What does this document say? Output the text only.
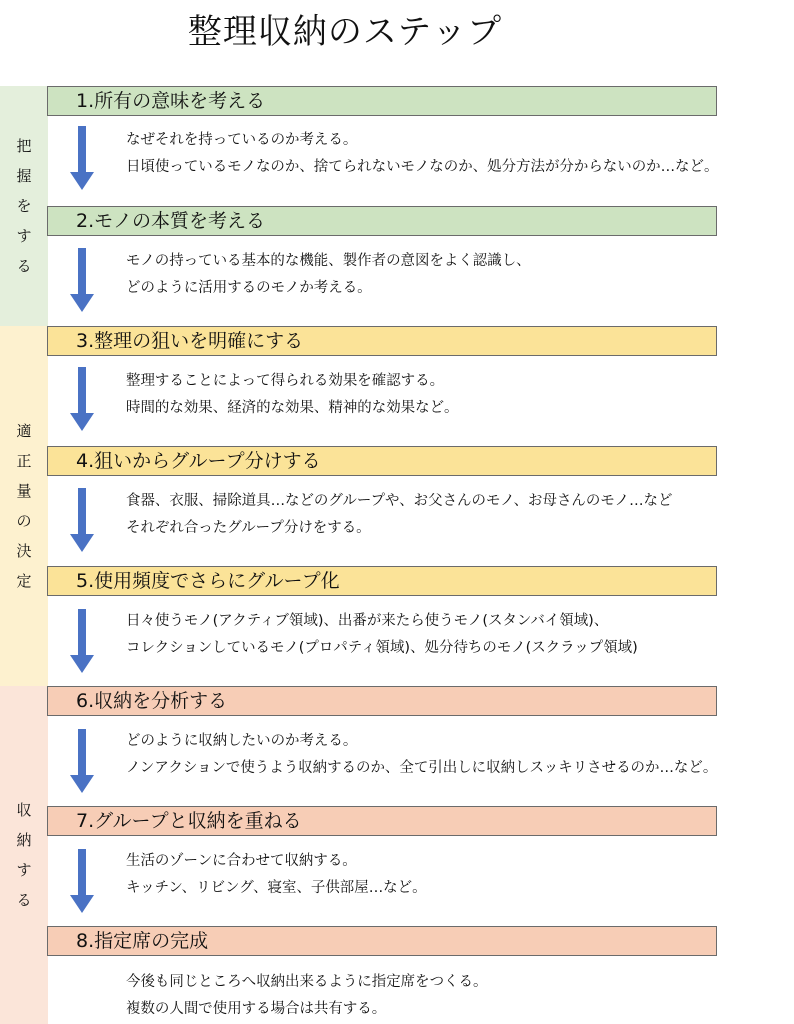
整理収納のステップ
把
握
を
す
る
適
正
量
の
決
定
収
納
す
る
1.所有の意味を考える
なぜそれを持っているのか考える。
日頃使っているモノなのか、捨てられないモノなのか、処分方法が分からないのか…など。
2.モノの本質を考える
モノの持っている基本的な機能、製作者の意図をよく認識し、
どのように活用するのモノか考える。
3.整理の狙いを明確にする
整理することによって得られる効果を確認する。
時間的な効果、経済的な効果、精神的な効果など。
4.狙いからグループ分けする
食器、衣服、掃除道具…などのグループや、お父さんのモノ、お母さんのモノ…など
それぞれ合ったグループ分けをする。
5.使用頻度でさらにグループ化
日々使うモノ(アクティブ領域)、出番が来たら使うモノ(スタンバイ領域)、
コレクションしているモノ(プロパティ領域)、処分待ちのモノ(スクラップ領域)
6.収納を分析する
どのように収納したいのか考える。
ノンアクションで使うよう収納するのか、全て引出しに収納しスッキリさせるのか…など。
7.グループと収納を重ねる
生活のゾーンに合わせて収納する。
キッチン、リビング、寝室、子供部屋…など。
8.指定席の完成
今後も同じところへ収納出来るように指定席をつくる。
複数の人間で使用する場合は共有する。
